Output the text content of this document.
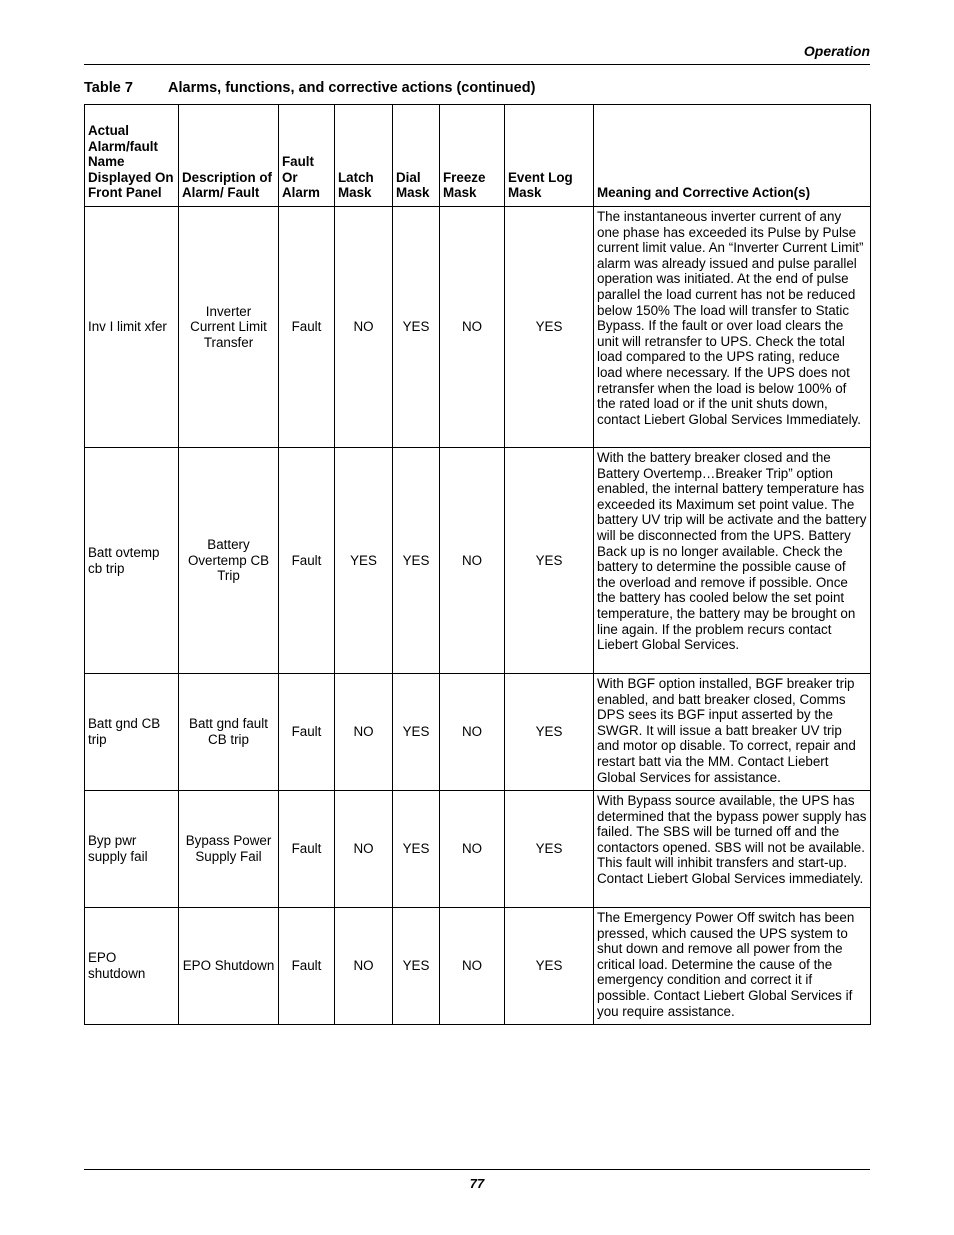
Operation
Table 7 Alarms, functions, and corrective actions (continued)
Actual Alarm/fault Name Displayed On Front Panel	Description of Alarm/ Fault	Fault Or Alarm	Latch Mask	Dial Mask	Freeze Mask	Event Log Mask	Meaning and Corrective Action(s)
Inv I limit xfer	Inverter Current Limit Transfer	Fault	NO	YES	NO	YES	The instantaneous inverter current of any one phase has exceeded its Pulse by Pulse current limit value. An “Inverter Current Limit” alarm was already issued and pulse parallel operation was initiated. At the end of pulse parallel the load current has not be reduced below 150% The load will transfer to Static Bypass. If the fault or over load clears the unit will retransfer to UPS. Check the total load compared to the UPS rating, reduce load where necessary. If the UPS does not retransfer when the load is below 100% of the rated load or if the unit shuts down, contact Liebert Global Services Immediately.
Batt ovtemp cb trip	Battery Overtemp CB Trip	Fault	YES	YES	NO	YES	With the battery breaker closed and the Battery Overtemp…Breaker Trip” option enabled, the internal battery temperature has exceeded its Maximum set point value. The battery UV trip will be activate and the battery will be disconnected from the UPS. Battery Back up is no longer available. Check the battery to determine the possible cause of the overload and remove if possible. Once the battery has cooled below the set point temperature, the battery may be brought on line again. If the problem recurs contact Liebert Global Services.
Batt gnd CB trip	Batt gnd fault CB trip	Fault	NO	YES	NO	YES	With BGF option installed, BGF breaker trip enabled, and batt breaker closed, Comms DPS sees its BGF input asserted by the SWGR. It will issue a batt breaker UV trip and motor op disable. To correct, repair and restart batt via the MM. Contact Liebert Global Services for assistance.
Byp pwr supply fail	Bypass Power Supply Fail	Fault	NO	YES	NO	YES	With Bypass source available, the UPS has determined that the bypass power supply has failed. The SBS will be turned off and the contactors opened. SBS will not be available. This fault will inhibit transfers and start-up. Contact Liebert Global Services immediately.
EPO shutdown	EPO Shutdown	Fault	NO	YES	NO	YES	The Emergency Power Off switch has been pressed, which caused the UPS system to shut down and remove all power from the critical load. Determine the cause of the emergency condition and correct it if possible. Contact Liebert Global Services if you require assistance.
77
